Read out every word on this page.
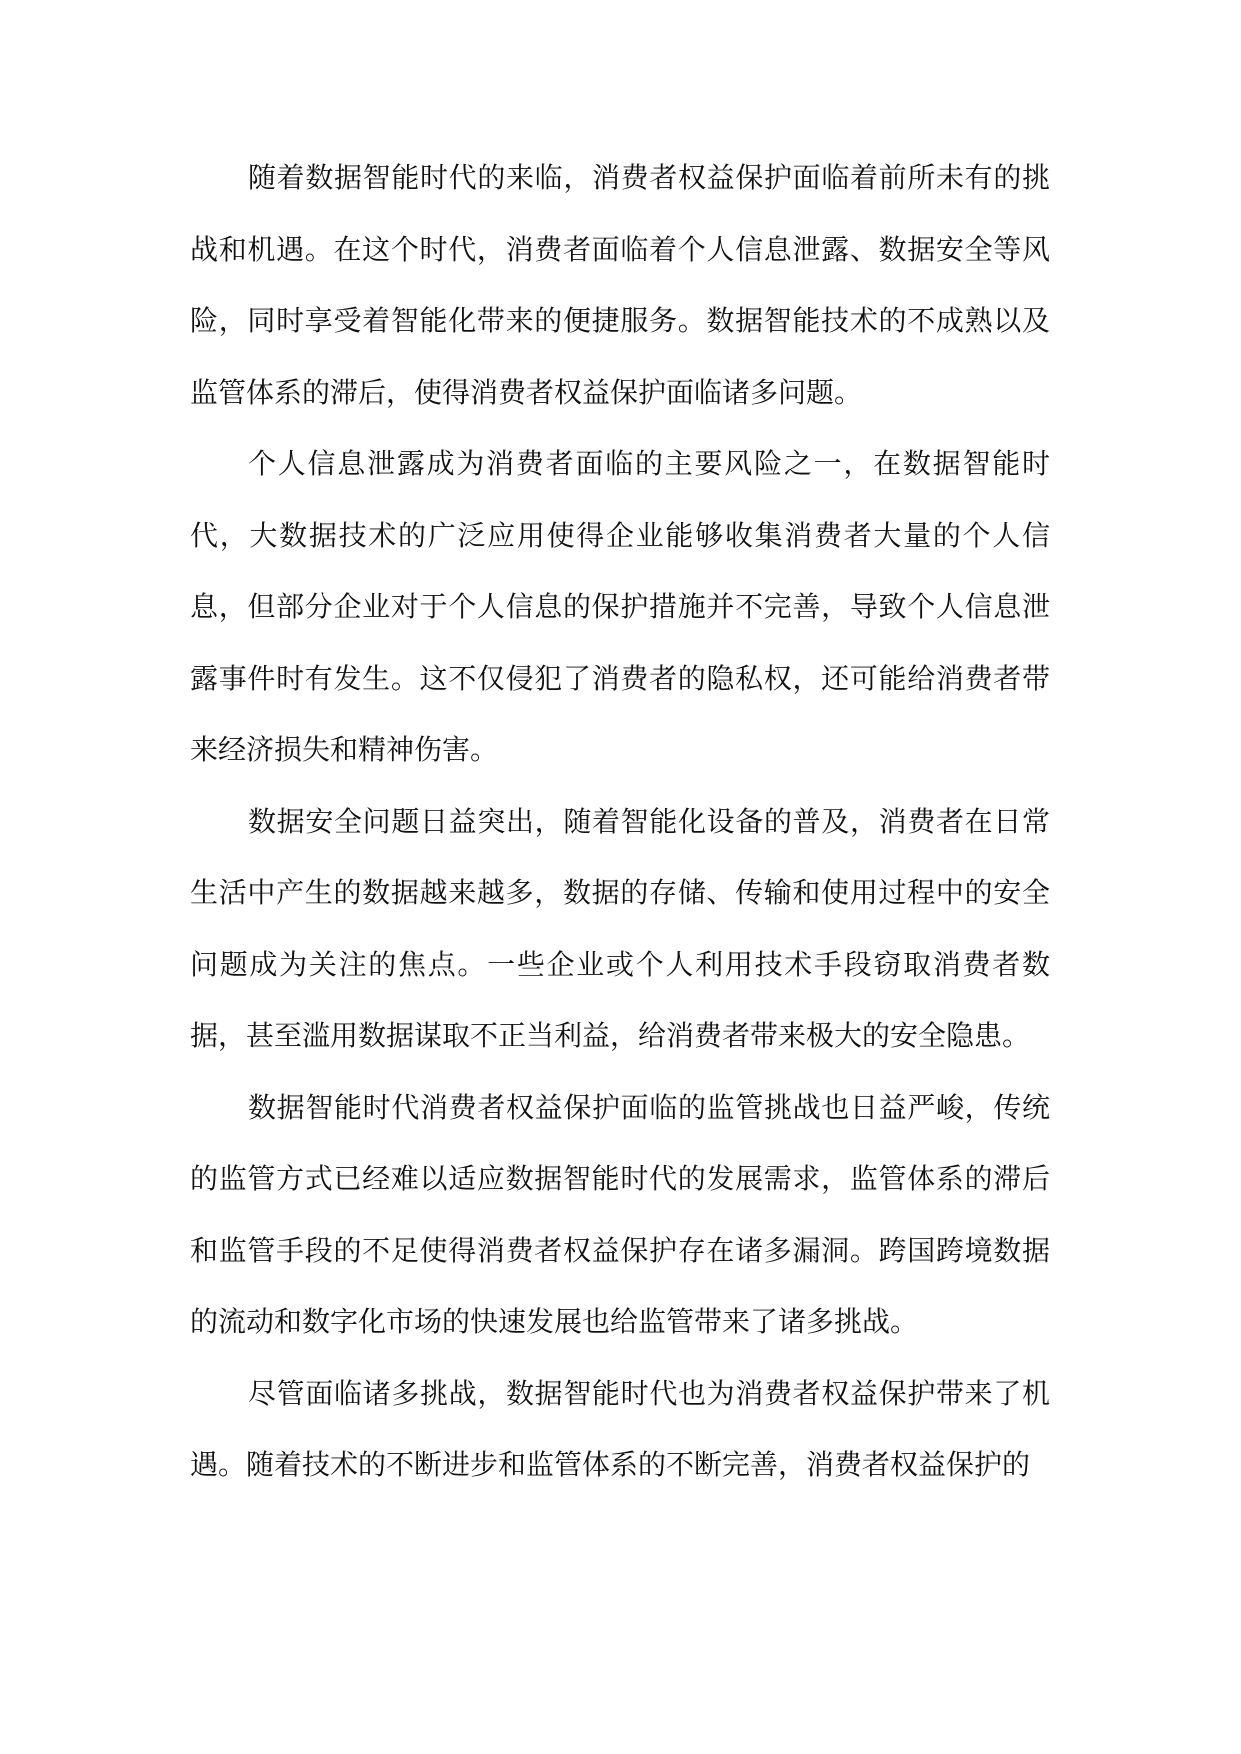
随着数据智能时代的来临，消费者权益保护面临着前所未有的挑战和机遇。在这个时代，消费者面临着个人信息泄露、数据安全等风险，同时享受着智能化带来的便捷服务。数据智能技术的不成熟以及监管体系的滞后，使得消费者权益保护面临诸多问题。

个人信息泄露成为消费者面临的主要风险之一，在数据智能时代，大数据技术的广泛应用使得企业能够收集消费者大量的个人信息，但部分企业对于个人信息的保护措施并不完善，导致个人信息泄露事件时有发生。这不仅侵犯了消费者的隐私权，还可能给消费者带来经济损失和精神伤害。

数据安全问题日益突出，随着智能化设备的普及，消费者在日常生活中产生的数据越来越多，数据的存储、传输和使用过程中的安全问题成为关注的焦点。一些企业或个人利用技术手段窃取消费者数据，甚至滥用数据谋取不正当利益，给消费者带来极大的安全隐患。

数据智能时代消费者权益保护面临的监管挑战也日益严峻，传统的监管方式已经难以适应数据智能时代的发展需求，监管体系的滞后和监管手段的不足使得消费者权益保护存在诸多漏洞。跨国跨境数据的流动和数字化市场的快速发展也给监管带来了诸多挑战。

尽管面临诸多挑战，数据智能时代也为消费者权益保护带来了机遇。随着技术的不断进步和监管体系的不断完善，消费者权益保护的
